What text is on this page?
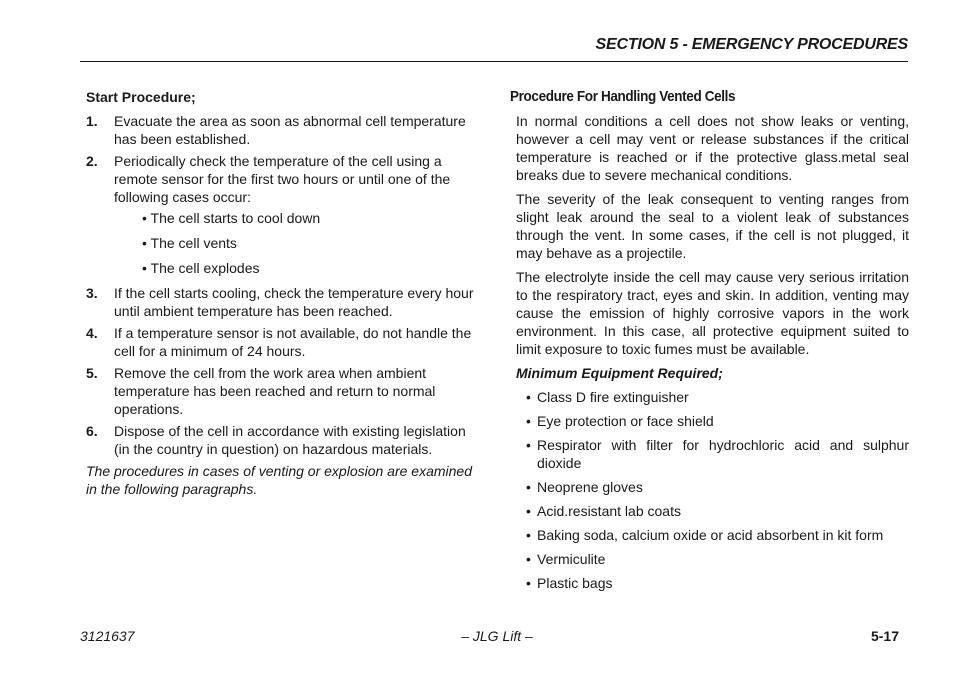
SECTION 5 - EMERGENCY PROCEDURES
Start Procedure;
1. Evacuate the area as soon as abnormal cell temperature has been established.
2. Periodically check the temperature of the cell using a remote sensor for the first two hours or until one of the following cases occur:
• The cell starts to cool down
• The cell vents
• The cell explodes
3. If the cell starts cooling, check the temperature every hour until ambient temperature has been reached.
4. If a temperature sensor is not available, do not handle the cell for a minimum of 24 hours.
5. Remove the cell from the work area when ambient temperature has been reached and return to normal operations.
6. Dispose of the cell in accordance with existing legislation (in the country in question) on hazardous materials.
The procedures in cases of venting or explosion are examined in the following paragraphs.
Procedure For Handling Vented Cells

In normal conditions a cell does not show leaks or venting, however a cell may vent or release substances if the critical temperature is reached or if the protective glass.metal seal breaks due to severe mechanical conditions.

The severity of the leak consequent to venting ranges from slight leak around the seal to a violent leak of substances through the vent. In some cases, if the cell is not plugged, it may behave as a projectile.

The electrolyte inside the cell may cause very serious irritation to the respiratory tract, eyes and skin. In addition, venting may cause the emission of highly corrosive vapors in the work environment. In this case, all protective equipment suited to limit exposure to toxic fumes must be available.

Minimum Equipment Required;
• Class D fire extinguisher
• Eye protection or face shield
• Respirator with filter for hydrochloric acid and sulphur dioxide
• Neoprene gloves
• Acid.resistant lab coats
• Baking soda, calcium oxide or acid absorbent in kit form
• Vermiculite
• Plastic bags
3121637	– JLG Lift –	5-17
